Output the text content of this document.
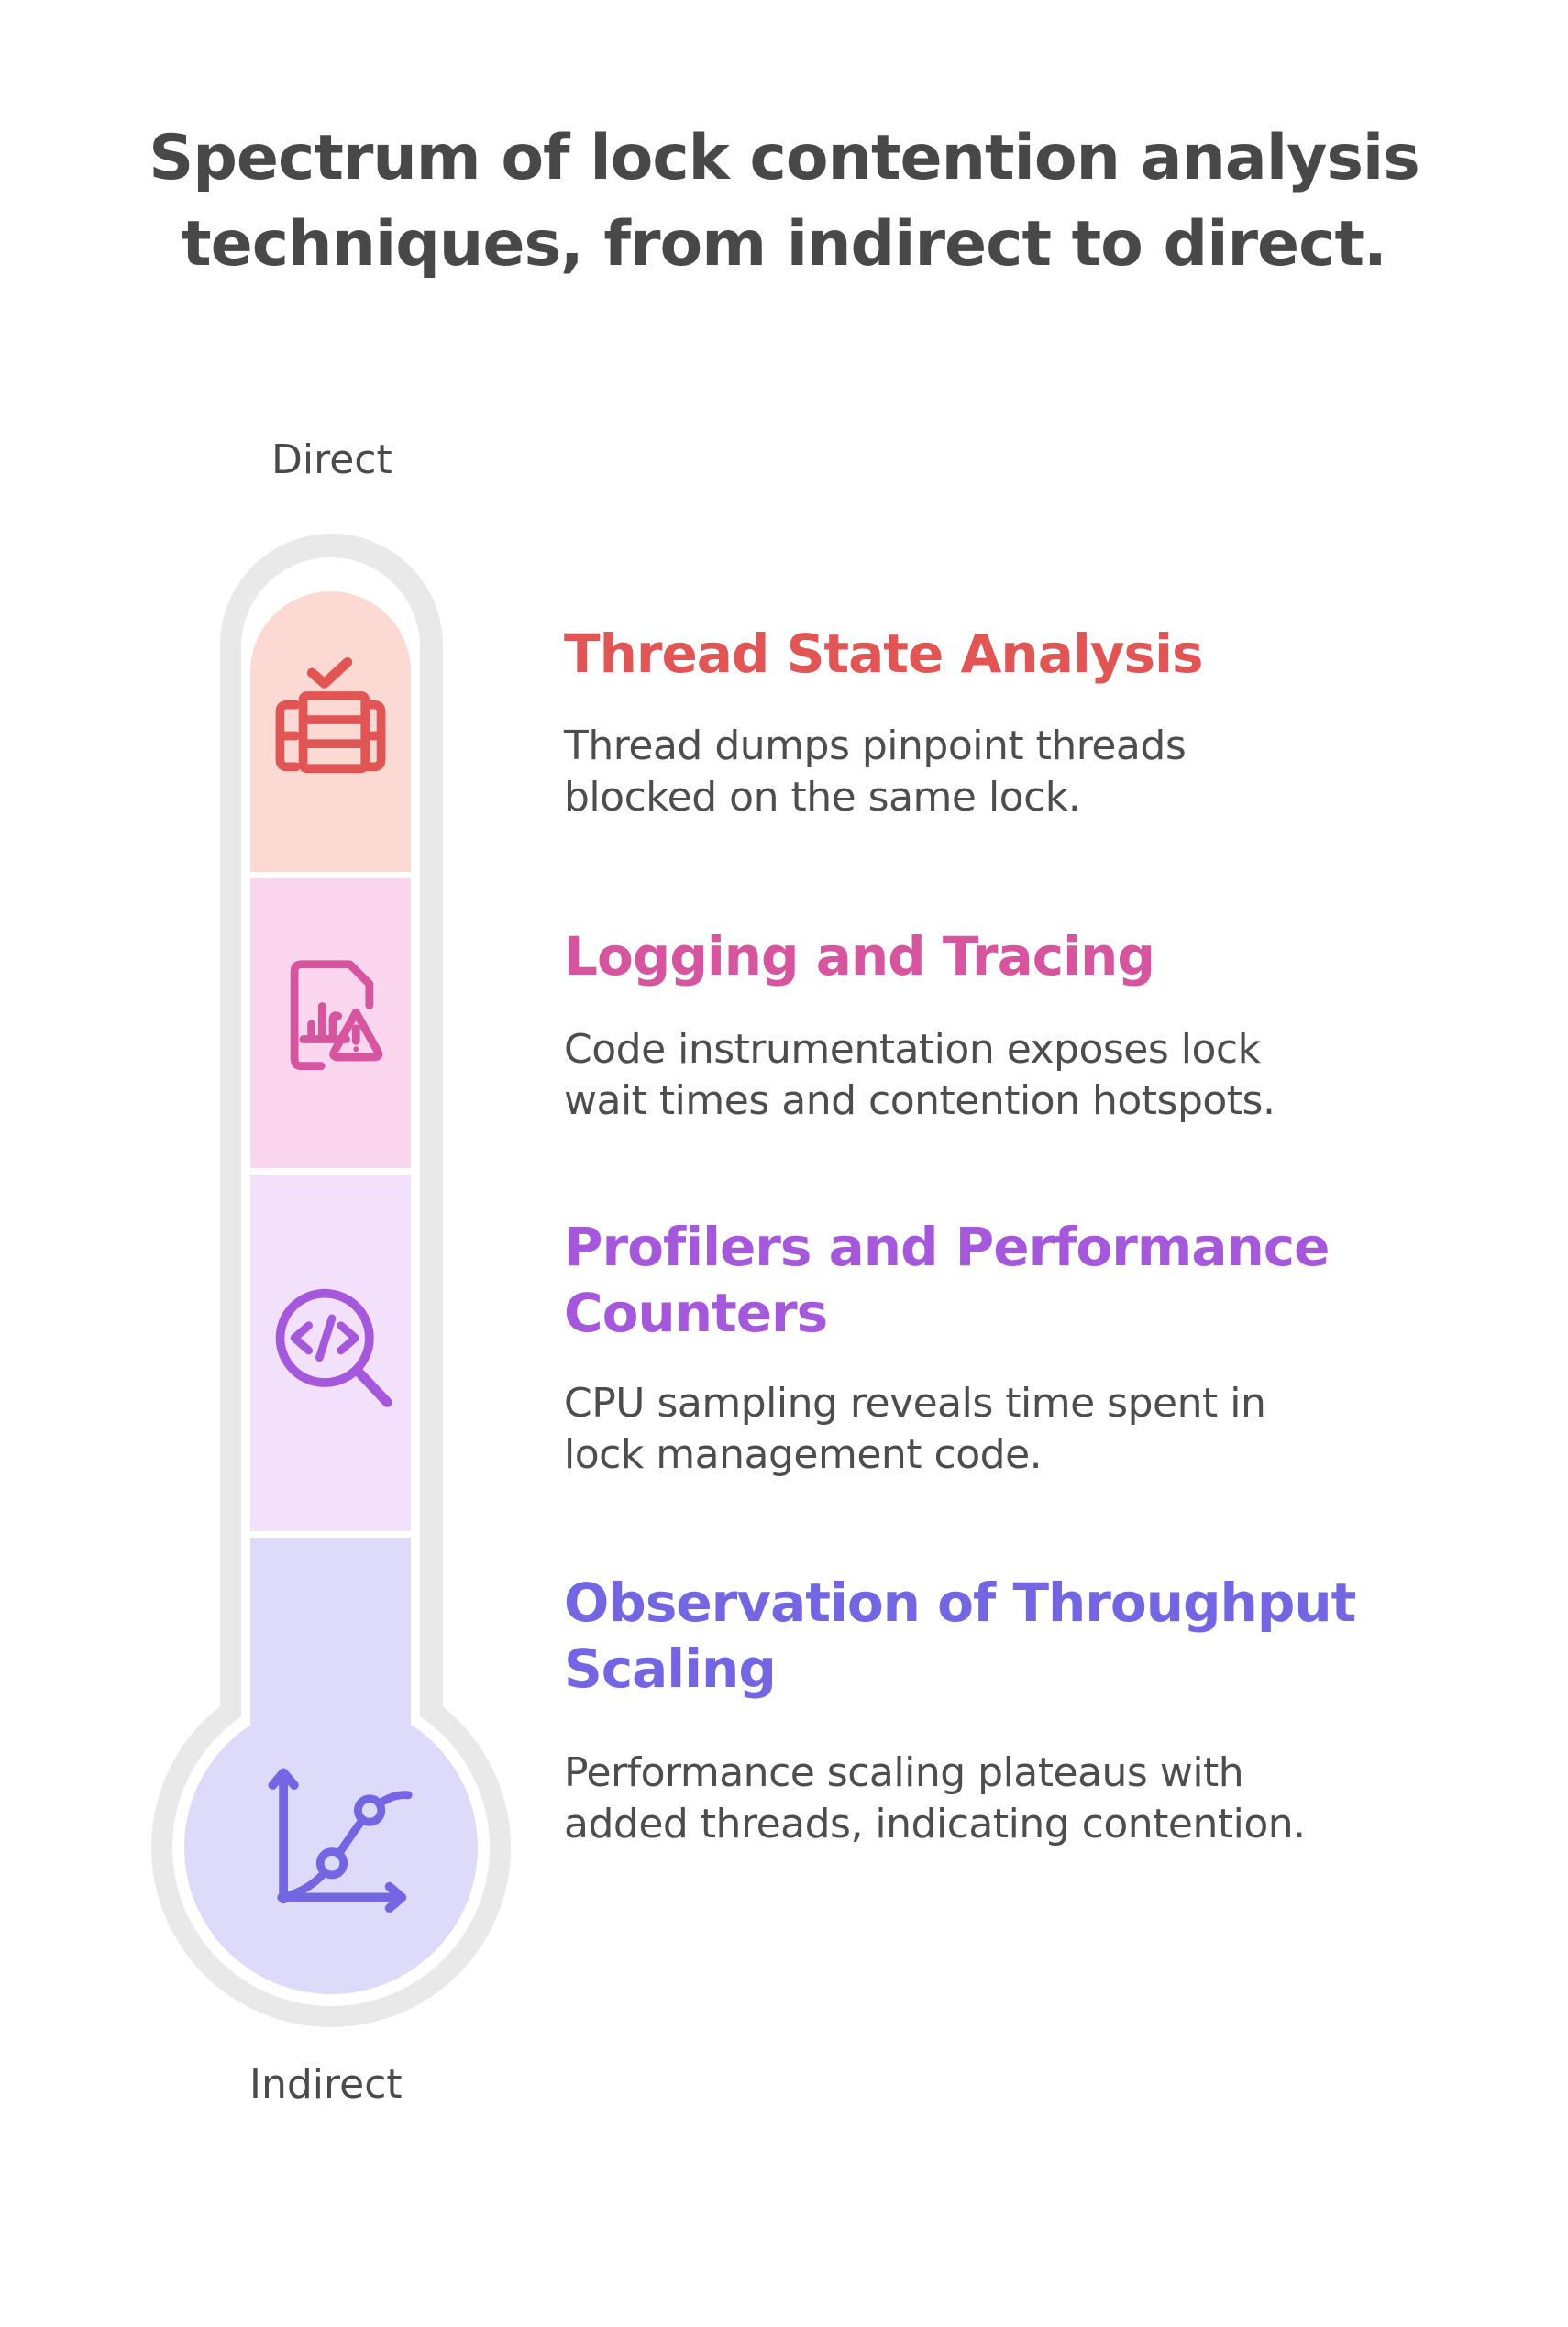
Spectrum of lock contention analysis techniques, from indirect to direct.
Direct
Indirect
Thread State Analysis

Thread dumps pinpoint threads blocked on the same lock.

Logging and Tracing

Code instrumentation exposes lock wait times and contention hotspots.

Profilers and Performance Counters

CPU sampling reveals time spent in lock management code.

Observation of Throughput Scaling

Performance scaling plateaus with added threads, indicating contention.
